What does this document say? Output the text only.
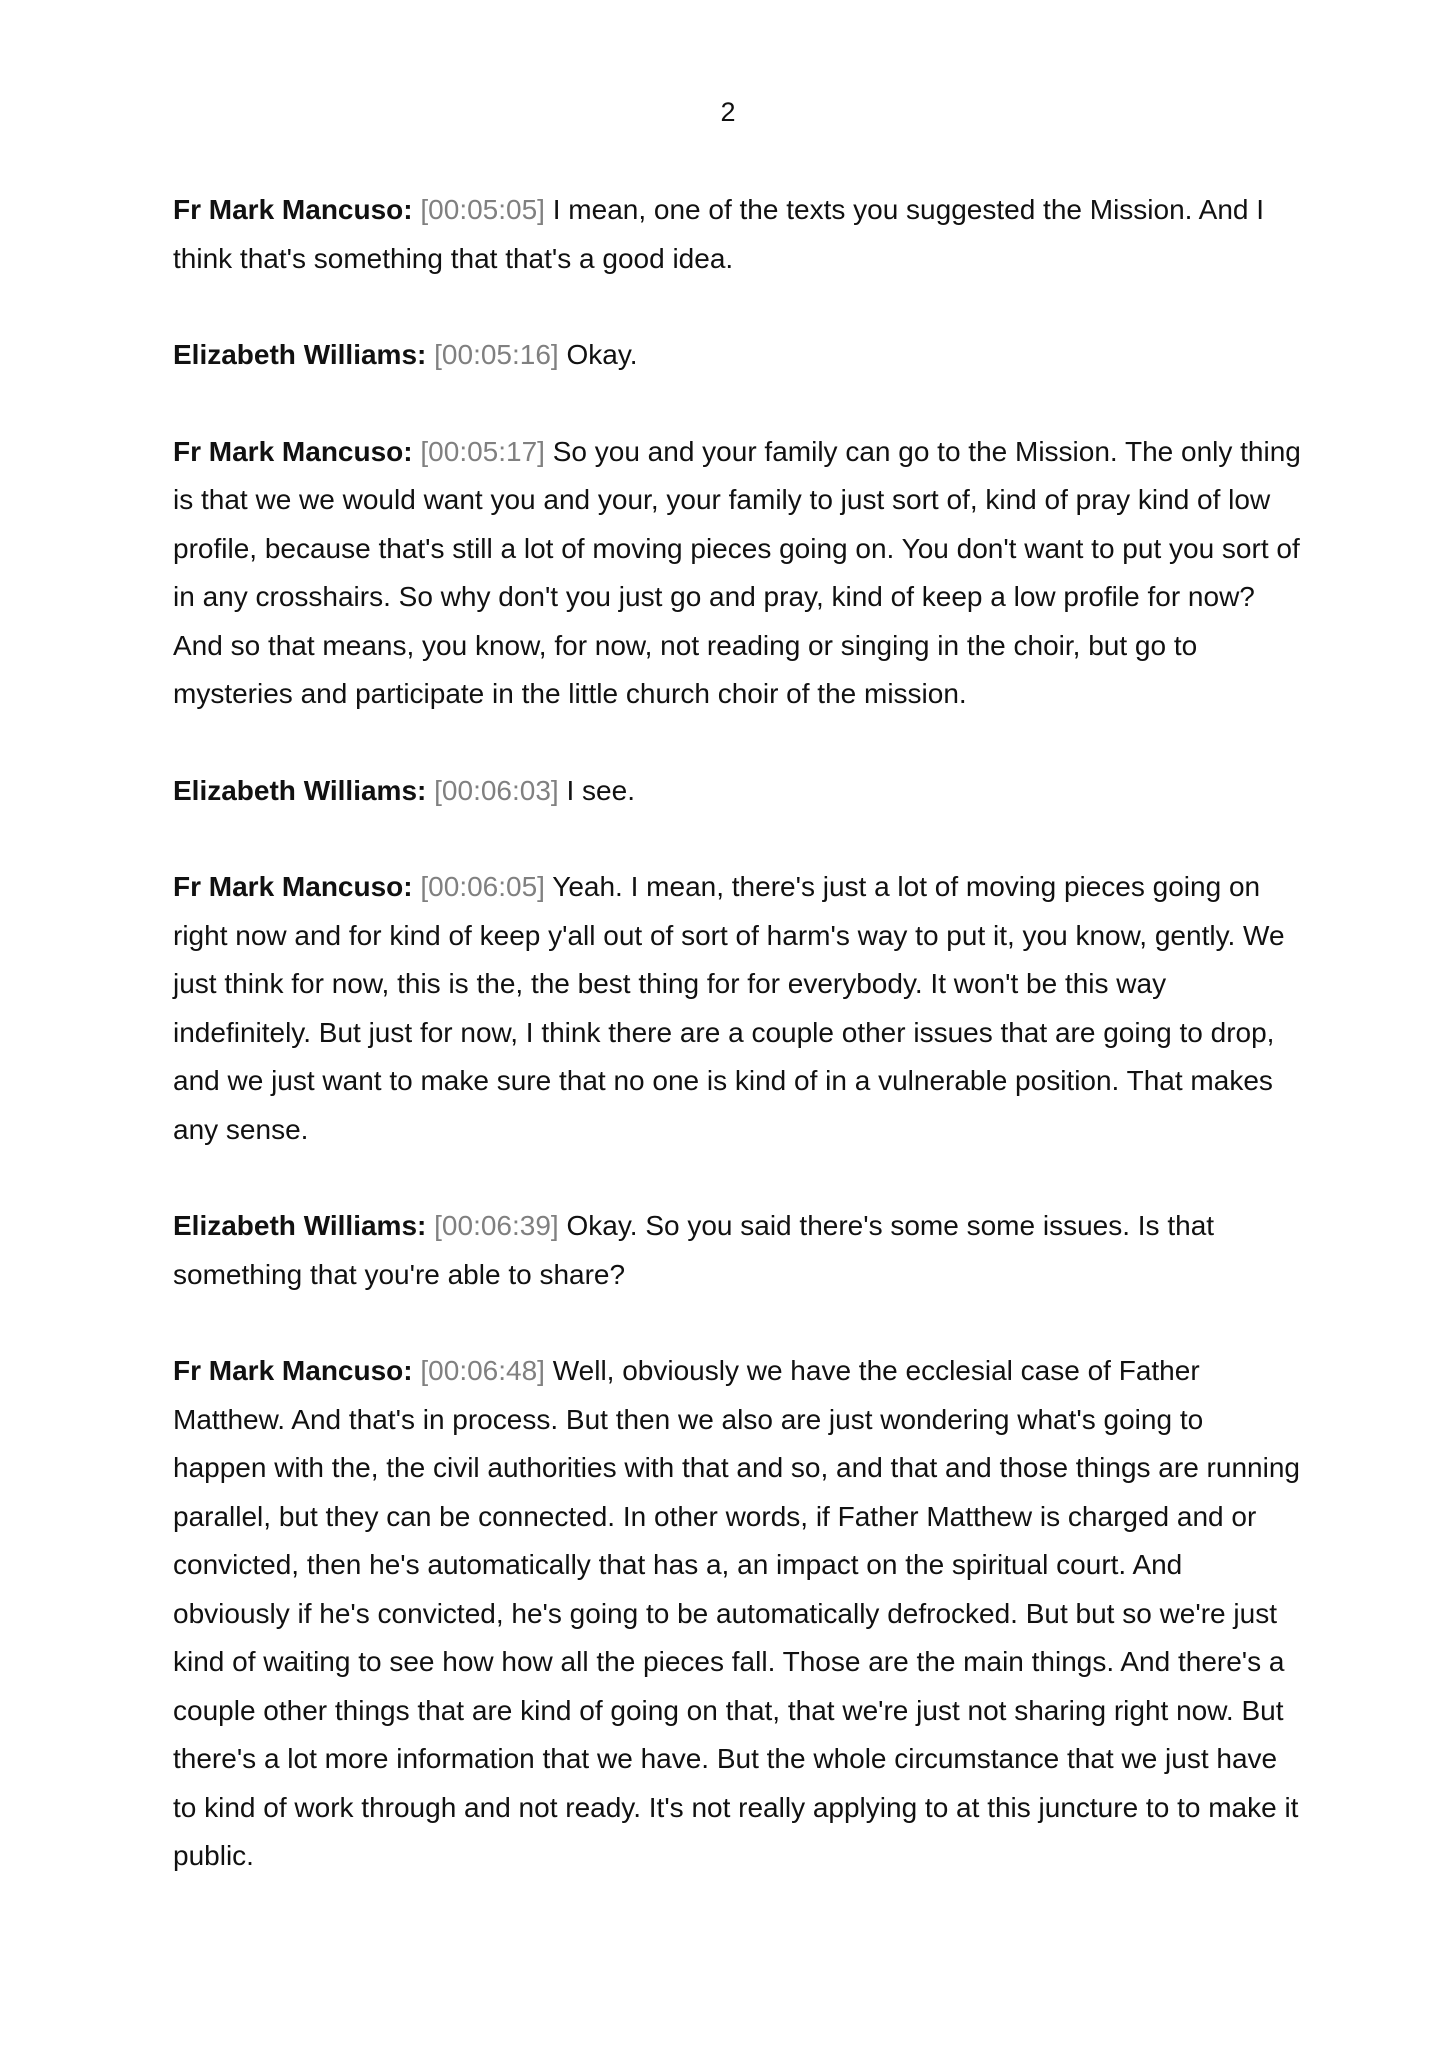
2

Fr Mark Mancuso: [00:05:05] I mean, one of the texts you suggested the Mission. And I think that's something that that's a good idea.

Elizabeth Williams: [00:05:16] Okay.

Fr Mark Mancuso: [00:05:17] So you and your family can go to the Mission. The only thing is that we we would want you and your, your family to just sort of, kind of pray kind of low profile, because that's still a lot of moving pieces going on. You don't want to put you sort of in any crosshairs. So why don't you just go and pray, kind of keep a low profile for now? And so that means, you know, for now, not reading or singing in the choir, but go to mysteries and participate in the little church choir of the mission.

Elizabeth Williams: [00:06:03] I see.

Fr Mark Mancuso: [00:06:05] Yeah. I mean, there's just a lot of moving pieces going on right now and for kind of keep y'all out of sort of harm's way to put it, you know, gently. We just think for now, this is the, the best thing for for everybody. It won't be this way indefinitely. But just for now, I think there are a couple other issues that are going to drop, and we just want to make sure that no one is kind of in a vulnerable position. That makes any sense.

Elizabeth Williams: [00:06:39] Okay. So you said there's some some issues. Is that something that you're able to share?

Fr Mark Mancuso: [00:06:48] Well, obviously we have the ecclesial case of Father Matthew. And that's in process. But then we also are just wondering what's going to happen with the, the civil authorities with that and so, and that and those things are running parallel, but they can be connected. In other words, if Father Matthew is charged and or convicted, then he's automatically that has a, an impact on the spiritual court. And obviously if he's convicted, he's going to be automatically defrocked. But but so we're just kind of waiting to see how how all the pieces fall. Those are the main things. And there's a couple other things that are kind of going on that, that we're just not sharing right now. But there's a lot more information that we have. But the whole circumstance that we just have to kind of work through and not ready. It's not really applying to at this juncture to to make it public.
